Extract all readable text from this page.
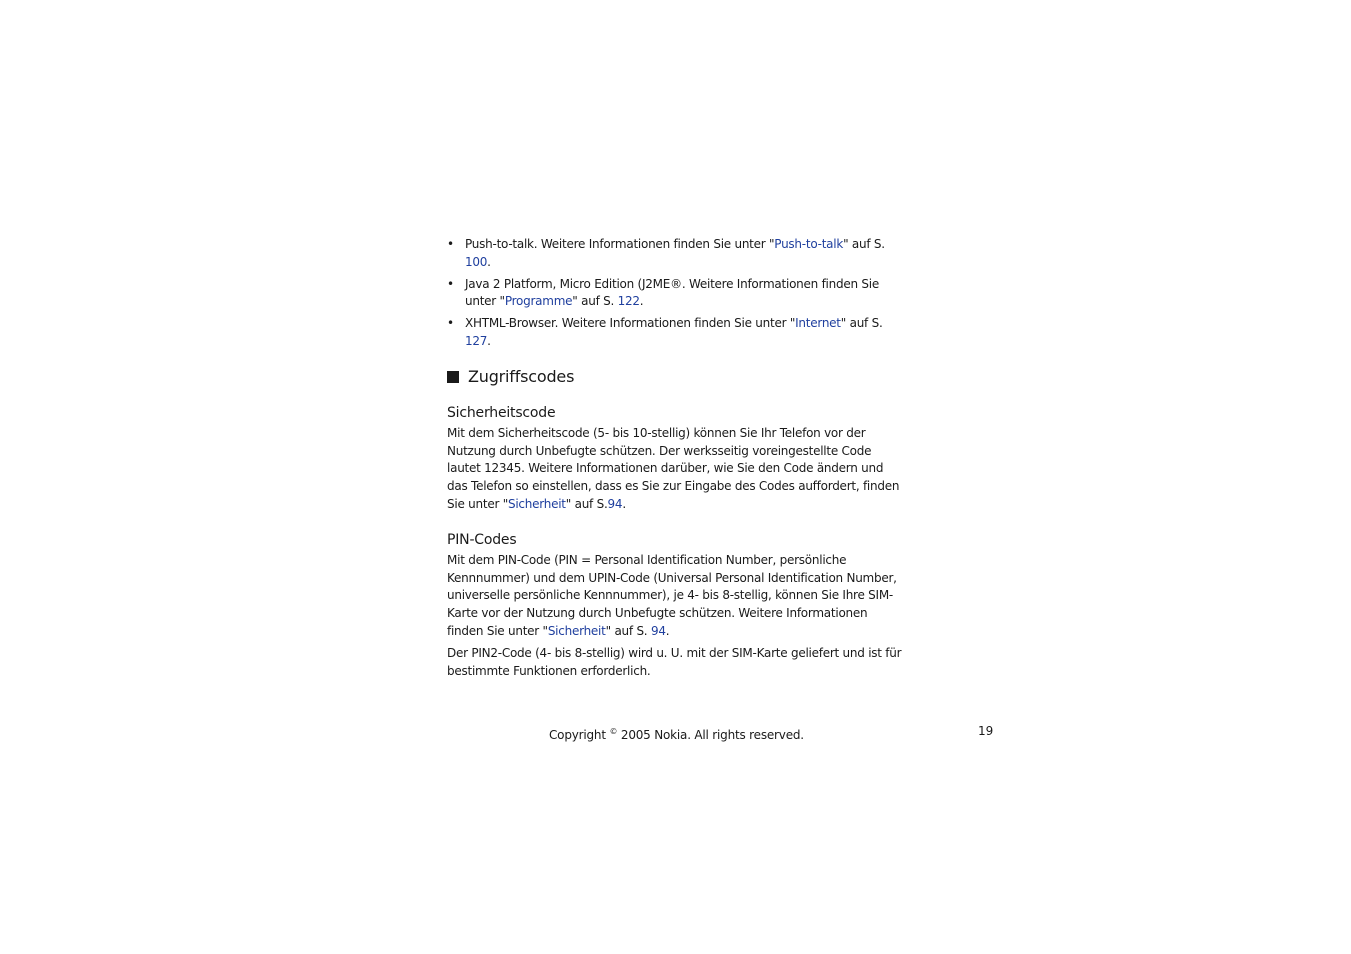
• Push-to-talk. Weitere Informationen finden Sie unter "Push-to-talk" auf S. 100.
• Java 2 Platform, Micro Edition (J2ME®. Weitere Informationen finden Sie unter "Programme" auf S. 122.
• XHTML-Browser. Weitere Informationen finden Sie unter "Internet" auf S. 127.
Zugriffscodes
Sicherheitscode

Mit dem Sicherheitscode (5- bis 10-stellig) können Sie Ihr Telefon vor der Nutzung durch Unbefugte schützen. Der werksseitig voreingestellte Code lautet 12345. Weitere Informationen darüber, wie Sie den Code ändern und das Telefon so einstellen, dass es Sie zur Eingabe des Codes auffordert, finden Sie unter "Sicherheit" auf S.94.

PIN-Codes

Mit dem PIN-Code (PIN = Personal Identification Number, persönliche Kennnummer) und dem UPIN-Code (Universal Personal Identification Number, universelle persönliche Kennnummer), je 4- bis 8-stellig, können Sie Ihre SIM-Karte vor der Nutzung durch Unbefugte schützen. Weitere Informationen finden Sie unter "Sicherheit" auf S. 94.

Der PIN2-Code (4- bis 8-stellig) wird u. U. mit der SIM-Karte geliefert und ist für bestimmte Funktionen erforderlich.

Copyright © 2005 Nokia. All rights reserved.	19
